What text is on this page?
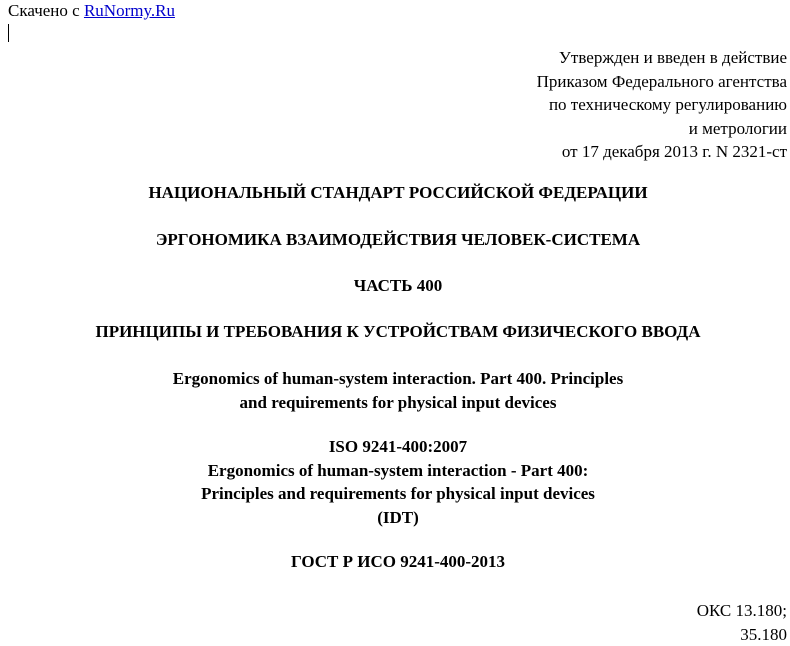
Скачено с RuNormy.Ru
Утвержден и введен в действие
Приказом Федерального агентства
по техническому регулированию
и метрологии
от 17 декабря 2013 г. N 2321-ст
НАЦИОНАЛЬНЫЙ СТАНДАРТ РОССИЙСКОЙ ФЕДЕРАЦИИ
ЭРГОНОМИКА ВЗАИМОДЕЙСТВИЯ ЧЕЛОВЕК-СИСТЕМА
ЧАСТЬ 400
ПРИНЦИПЫ И ТРЕБОВАНИЯ К УСТРОЙСТВАМ ФИЗИЧЕСКОГО ВВОДА
Ergonomics of human-system interaction. Part 400. Principles
and requirements for physical input devices
ISO 9241-400:2007
Ergonomics of human-system interaction - Part 400:
Principles and requirements for physical input devices
(IDT)
ГОСТ Р ИСО 9241-400-2013
ОКС 13.180;
35.180
